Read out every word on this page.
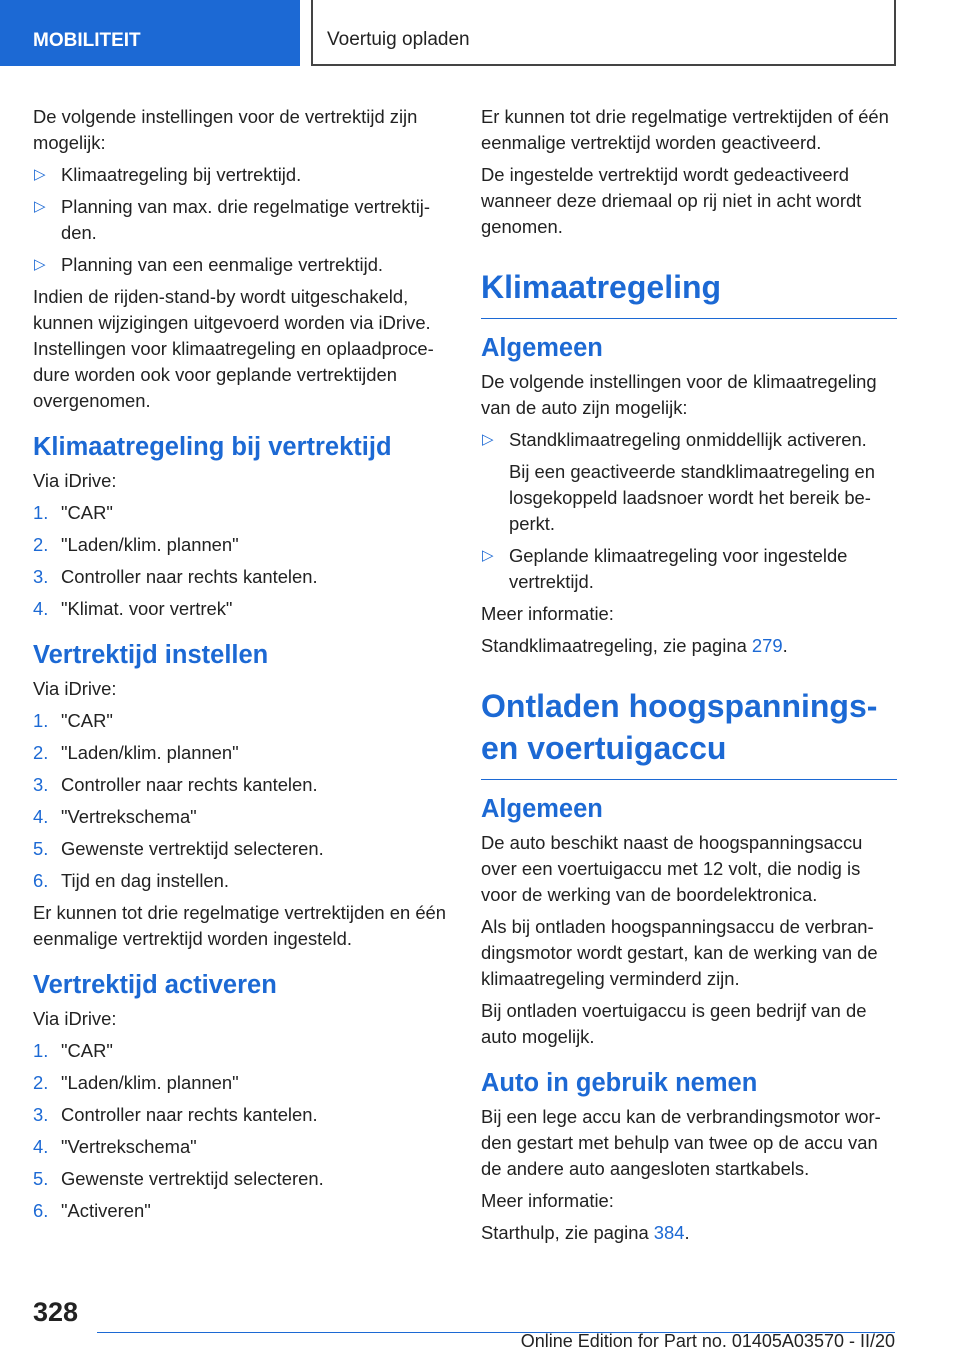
MOBILITEIT	Voertuig opladen

De volgende instellingen voor de vertrektijd zijn mogelijk:

▷ Klimaatregeling bij vertrektijd.
▷ Planning van max. drie regelmatige vertrektijden.
▷ Planning van een eenmalige vertrektijd.

Indien de rijden-stand-by wordt uitgeschakeld, kunnen wijzigingen uitgevoerd worden via iDrive. Instellingen voor klimaatregeling en oplaadprocedure worden ook voor geplande vertrektijden overgenomen.

Klimaatregeling bij vertrektijd

Via iDrive:

1. "CAR"
2. "Laden/klim. plannen"
3. Controller naar rechts kantelen.
4. "Klimat. voor vertrek"
Vertrektijd instellen

Via iDrive:

1. "CAR"
2. "Laden/klim. plannen"
3. Controller naar rechts kantelen.
4. "Vertrekschema"
5. Gewenste vertrektijd selecteren.
6. Tijd en dag instellen.

Er kunnen tot drie regelmatige vertrektijden en één eenmalige vertrektijd worden ingesteld.

Vertrektijd activeren

Via iDrive:

1. "CAR"
2. "Laden/klim. plannen"
3. Controller naar rechts kantelen.
4. "Vertrekschema"
5. Gewenste vertrektijd selecteren.
6. "Activeren"

Er kunnen tot drie regelmatige vertrektijden of één eenmalige vertrektijd worden geactiveerd.

De ingestelde vertrektijd wordt gedeactiveerd wanneer deze driemaal op rij niet in acht wordt genomen.

Klimaatregeling
Algemeen

De volgende instellingen voor de klimaatregeling van de auto zijn mogelijk:

▷ Standklimaatregeling onmiddellijk activeren.
Bij een geactiveerde standklimaatregeling en losgekoppeld laadsnoer wordt het bereik beperkt.
▷ Geplande klimaatregeling voor ingestelde vertrektijd.

Meer informatie:

Standklimaatregeling, zie pagina 279.

Ontladen hoogspanningsen voertuigaccu
Algemeen

De auto beschikt naast de hoogspanningsaccu over een voertuigaccu met 12 volt, die nodig is voor de werking van de boordelektronica.

Als bij ontladen hoogspanningsaccu de verbrandingsmotor wordt gestart, kan de werking van de klimaatregeling verminderd zijn.

Bij ontladen voertuigaccu is geen bedrijf van de auto mogelijk.

Auto in gebruik nemen

Bij een lege accu kan de verbrandingsmotor worden gestart met behulp van twee op de accu van de andere auto aangesloten startkabels.

Meer informatie:

Starthulp, zie pagina 384.

328
Online Edition for Part no. 01405A03570 - II/20
